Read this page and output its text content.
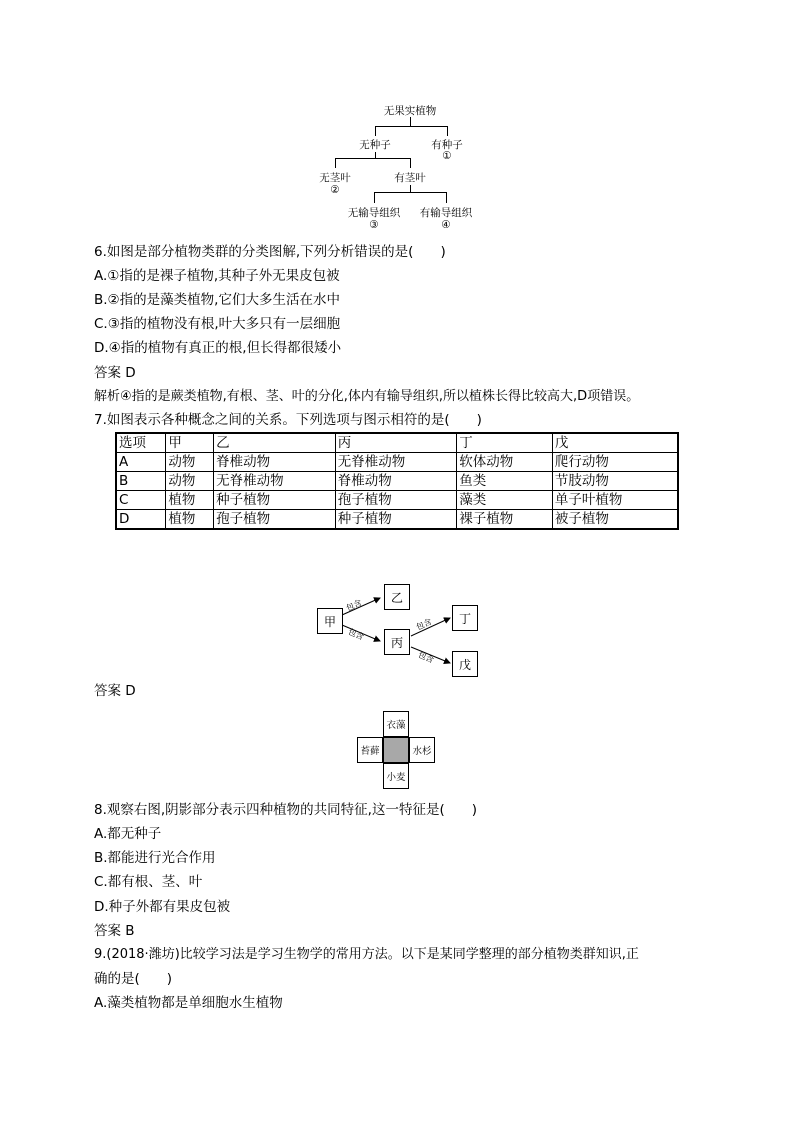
无果实植物
无种子	有种子
①
无茎叶
②
有茎叶
无输导组织
③
有输导组织
④
6.如图是部分植物类群的分类图解,下列分析错误的是(　　)
A.①指的是裸子植物,其种子外无果皮包被
B.②指的是藻类植物,它们大多生活在水中
C.③指的植物没有根,叶大多只有一层细胞
D.④指的植物有真正的根,但长得都很矮小
答案 D
解析④指的是蕨类植物,有根、茎、叶的分化,体内有输导组织,所以植株长得比较高大,D项错误。
7.如图表示各种概念之间的关系。下列选项与图示相符的是(　　)
选项	甲	乙	丙	丁	戊
A	动物	脊椎动物	无脊椎动物	软体动物	爬行动物
B	动物	无脊椎动物	脊椎动物	鱼类	节肢动物
C	植物	种子植物	孢子植物	藻类	单子叶植物
D	植物	孢子植物	种子植物	裸子植物	被子植物
甲
乙
丙
丁
戊
包含
包含
包含
包含
答案 D
衣藻
苔藓	水杉
小麦
8.观察右图,阴影部分表示四种植物的共同特征,这一特征是(　　)
A.都无种子
B.都能进行光合作用
C.都有根、茎、叶
D.种子外都有果皮包被
答案 B
9.(2018·潍坊)比较学习法是学习生物学的常用方法。以下是某同学整理的部分植物类群知识,正
确的是(　　)
A.藻类植物都是单细胞水生植物
